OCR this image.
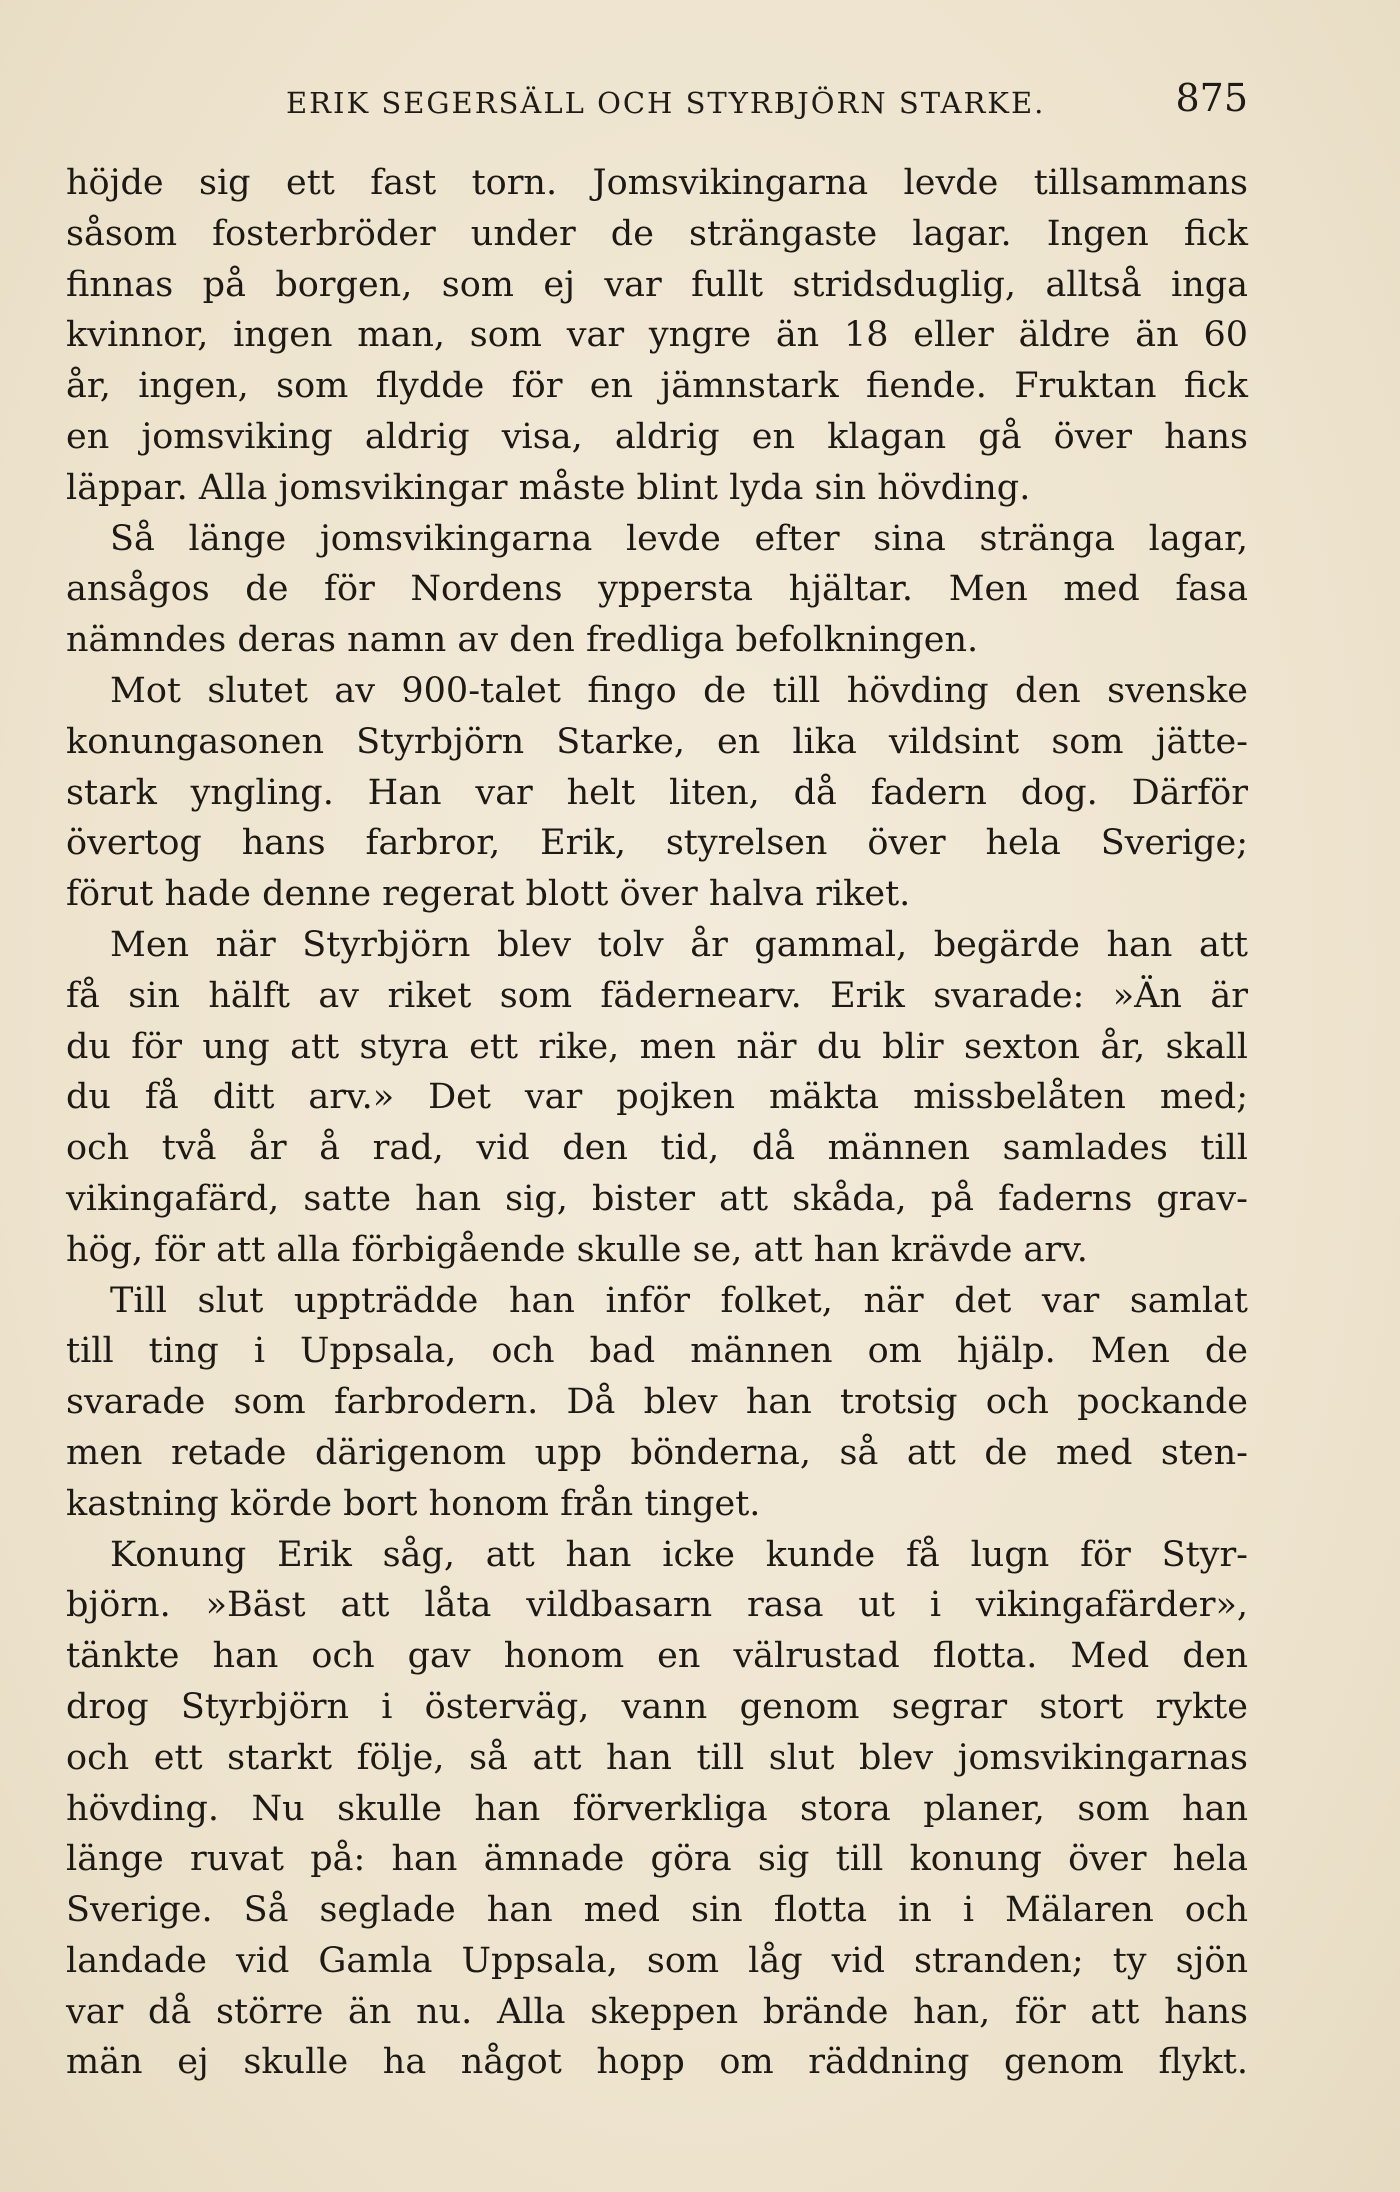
ERIK SEGERSÄLL OCH STYRBJÖRN STARKE.	875
höjde sig ett fast torn. Jomsvikingarna levde tillsammans
såsom fosterbröder under de strängaste lagar. Ingen fick
finnas på borgen, som ej var fullt stridsduglig, alltså inga
kvinnor, ingen man, som var yngre än 18 eller äldre än 60
år, ingen, som flydde för en jämnstark fiende. Fruktan fick
en jomsviking aldrig visa, aldrig en klagan gå över hans
läppar. Alla jomsvikingar måste blint lyda sin hövding.
Så länge jomsvikingarna levde efter sina stränga lagar,
ansågos de för Nordens yppersta hjältar. Men med fasa
nämndes deras namn av den fredliga befolkningen.
Mot slutet av 900-talet fingo de till hövding den svenske
konungasonen Styrbjörn Starke, en lika vildsint som jätte-
stark yngling. Han var helt liten, då fadern dog. Därför
övertog hans farbror, Erik, styrelsen över hela Sverige;
förut hade denne regerat blott över halva riket.
Men när Styrbjörn blev tolv år gammal, begärde han att
få sin hälft av riket som fädernearv. Erik svarade: »Än är
du för ung att styra ett rike, men när du blir sexton år, skall
du få ditt arv.» Det var pojken mäkta missbelåten med;
och två år å rad, vid den tid, då männen samlades till
vikingafärd, satte han sig, bister att skåda, på faderns grav-
hög, för att alla förbigående skulle se, att han krävde arv.
Till slut uppträdde han inför folket, när det var samlat
till ting i Uppsala, och bad männen om hjälp. Men de
svarade som farbrodern. Då blev han trotsig och pockande
men retade därigenom upp bönderna, så att de med sten-
kastning körde bort honom från tinget.
Konung Erik såg, att han icke kunde få lugn för Styr-
björn. »Bäst att låta vildbasarn rasa ut i vikingafärder»,
tänkte han och gav honom en välrustad flotta. Med den
drog Styrbjörn i österväg, vann genom segrar stort rykte
och ett starkt följe, så att han till slut blev jomsvikingarnas
hövding. Nu skulle han förverkliga stora planer, som han
länge ruvat på: han ämnade göra sig till konung över hela
Sverige. Så seglade han med sin flotta in i Mälaren och
landade vid Gamla Uppsala, som låg vid stranden; ty sjön
var då större än nu. Alla skeppen brände han, för att hans
män ej skulle ha något hopp om räddning genom flykt.
